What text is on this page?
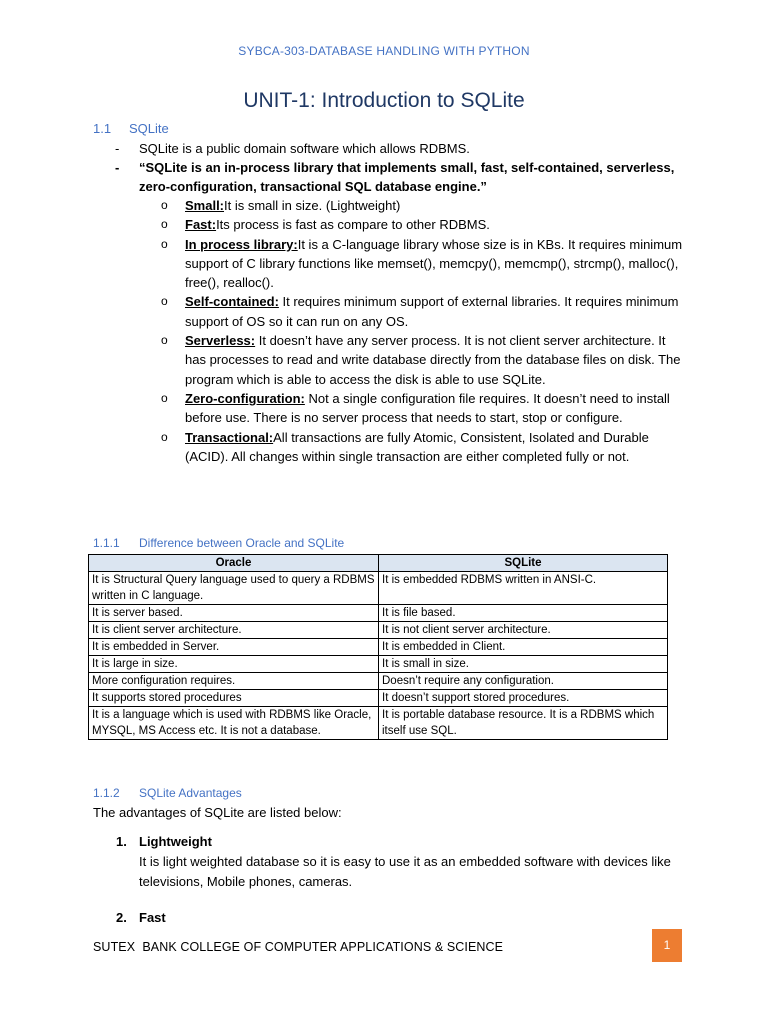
SYBCA-303-DATABASE HANDLING WITH PYTHON
UNIT-1: Introduction to SQLite
1.1 SQLite
- SQLite is a public domain software which allows RDBMS.
- “SQLite is an in-process library that implements small, fast, self-contained, serverless, zero-configuration, transactional SQL database engine.”
o Small:It is small in size. (Lightweight)
o Fast:Its process is fast as compare to other RDBMS.
o In process library:It is a C-language library whose size is in KBs. It requires minimum support of C library functions like memset(), memcpy(), memcmp(), strcmp(), malloc(), free(), realloc().
o Self-contained: It requires minimum support of external libraries. It requires minimum support of OS so it can run on any OS.
o Serverless: It doesn’t have any server process. It is not client server architecture. It has processes to read and write database directly from the database files on disk. The program which is able to access the disk is able to use SQLite.
o Zero-configuration: Not a single configuration file requires. It doesn’t need to install before use. There is no server process that needs to start, stop or configure.
o Transactional:All transactions are fully Atomic, Consistent, Isolated and Durable (ACID). All changes within single transaction are either completed fully or not.
1.1.1 Difference between Oracle and SQLite
Oracle	SQLite
It is Structural Query language used to query a RDBMS written in C language.	It is embedded RDBMS written in ANSI-C.
It is server based.	It is file based.
It is client server architecture.	It is not client server architecture.
It is embedded in Server.	It is embedded in Client.
It is large in size.	It is small in size.
More configuration requires.	Doesn’t require any configuration.
It supports stored procedures	It doesn’t support stored procedures.
It is a language which is used with RDBMS like Oracle, MYSQL, MS Access etc. It is not a database.	It is portable database resource. It is a RDBMS which itself use SQL.
1.1.2 SQLite Advantages
The advantages of SQLite are listed below:
1. Lightweight
It is light weighted database so it is easy to use it as an embedded software with devices like televisions, Mobile phones, cameras.
2. Fast
SUTEX  BANK COLLEGE OF COMPUTER APPLICATIONS & SCIENCE	1
